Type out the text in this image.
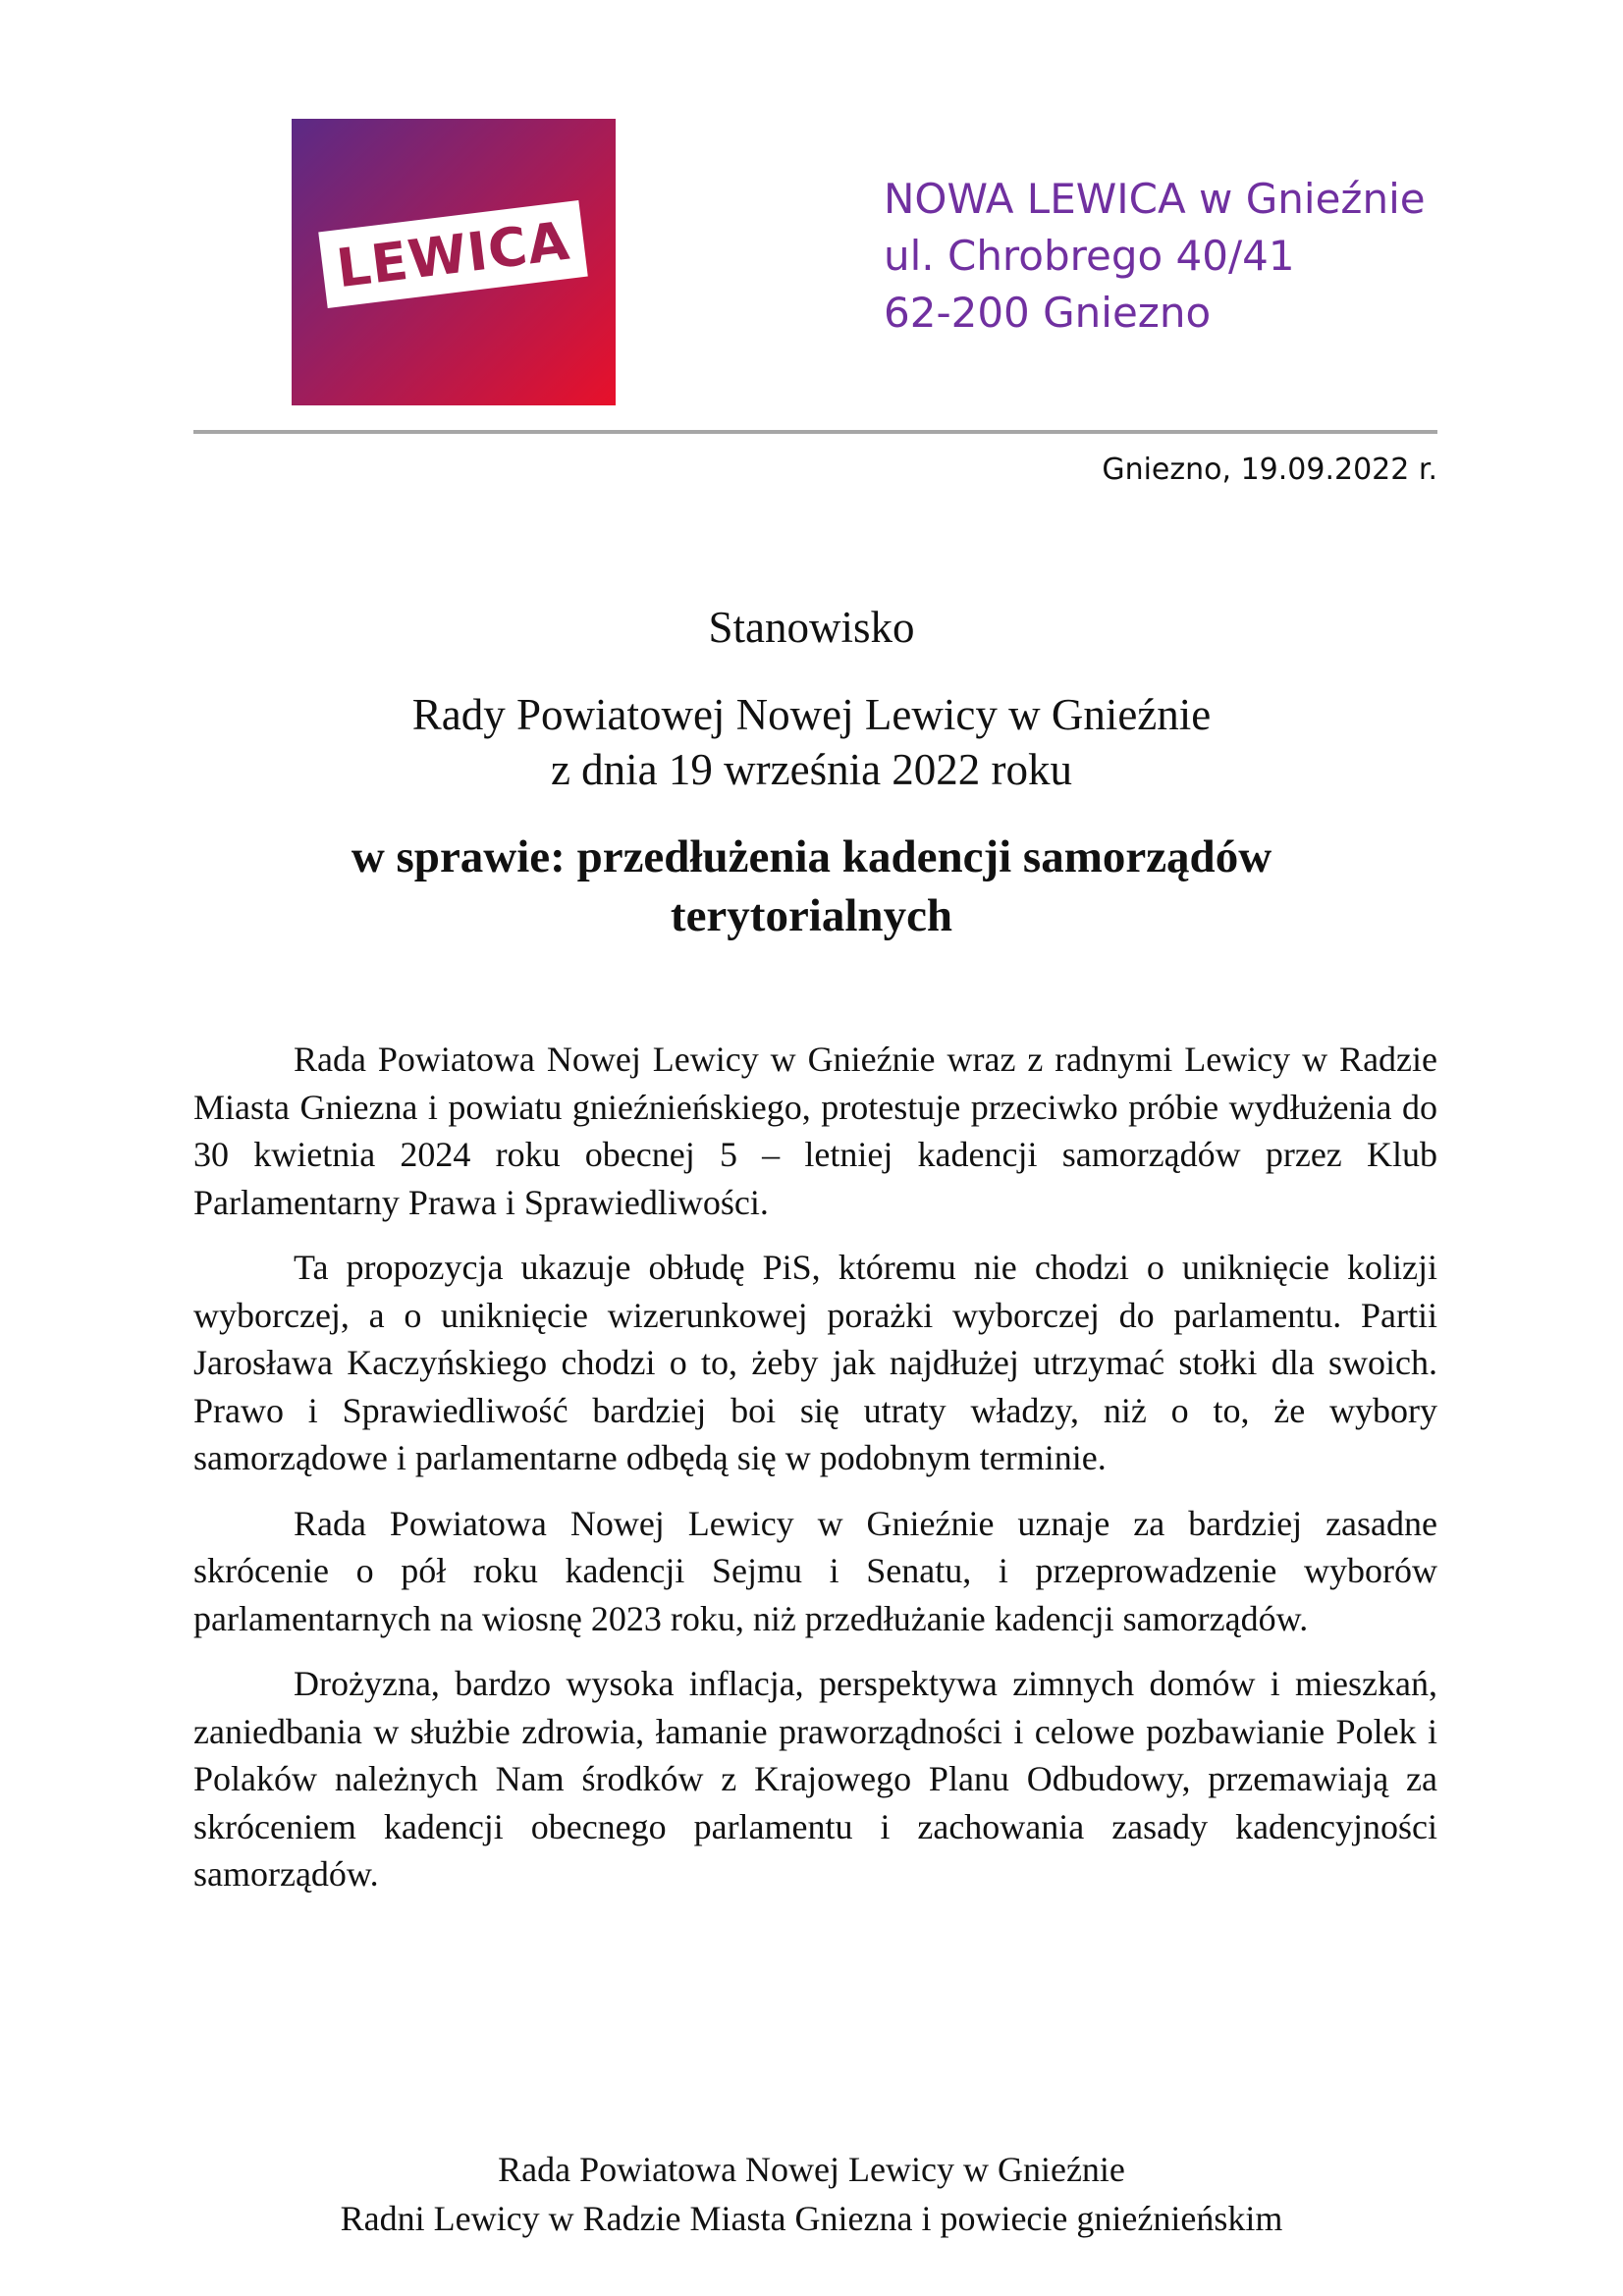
LEWICA
NOWA LEWICA w Gnieźnie
ul. Chrobrego 40/41
62-200 Gniezno
Gniezno, 19.09.2022 r.
Stanowisko
Rady Powiatowej Nowej Lewicy w Gnieźnie
z dnia 19 września 2022 roku
w sprawie: przedłużenia kadencji samorządów
terytorialnych

Rada Powiatowa Nowej Lewicy w Gnieźnie wraz z radnymi Lewicy w Radzie Miasta Gniezna i powiatu gnieźnieńskiego, protestuje przeciwko próbie wydłużenia do 30 kwietnia 2024 roku obecnej 5 – letniej kadencji samorządów przez Klub Parlamentarny Prawa i Sprawiedliwości.

Ta propozycja ukazuje obłudę PiS, któremu nie chodzi o uniknięcie kolizji wyborczej, a o uniknięcie wizerunkowej porażki wyborczej do parlamentu. Partii Jarosława Kaczyńskiego chodzi o to, żeby jak najdłużej utrzymać stołki dla swoich. Prawo i Sprawiedliwość bardziej boi się utraty władzy, niż o to, że wybory samorządowe i parlamentarne odbędą się w podobnym terminie.

Rada Powiatowa Nowej Lewicy w Gnieźnie uznaje za bardziej zasadne skrócenie o pół roku kadencji Sejmu i Senatu, i przeprowadzenie wyborów parlamentarnych na wiosnę 2023 roku, niż przedłużanie kadencji samorządów.

Drożyzna, bardzo wysoka inflacja, perspektywa zimnych domów i mieszkań, zaniedbania w służbie zdrowia, łamanie praworządności i celowe pozbawianie Polek i Polaków należnych Nam środków z Krajowego Planu Odbudowy, przemawiają za skróceniem kadencji obecnego parlamentu i zachowania zasady kadencyjności samorządów.

Rada Powiatowa Nowej Lewicy w Gnieźnie
Radni Lewicy w Radzie Miasta Gniezna i powiecie gnieźnieńskim
